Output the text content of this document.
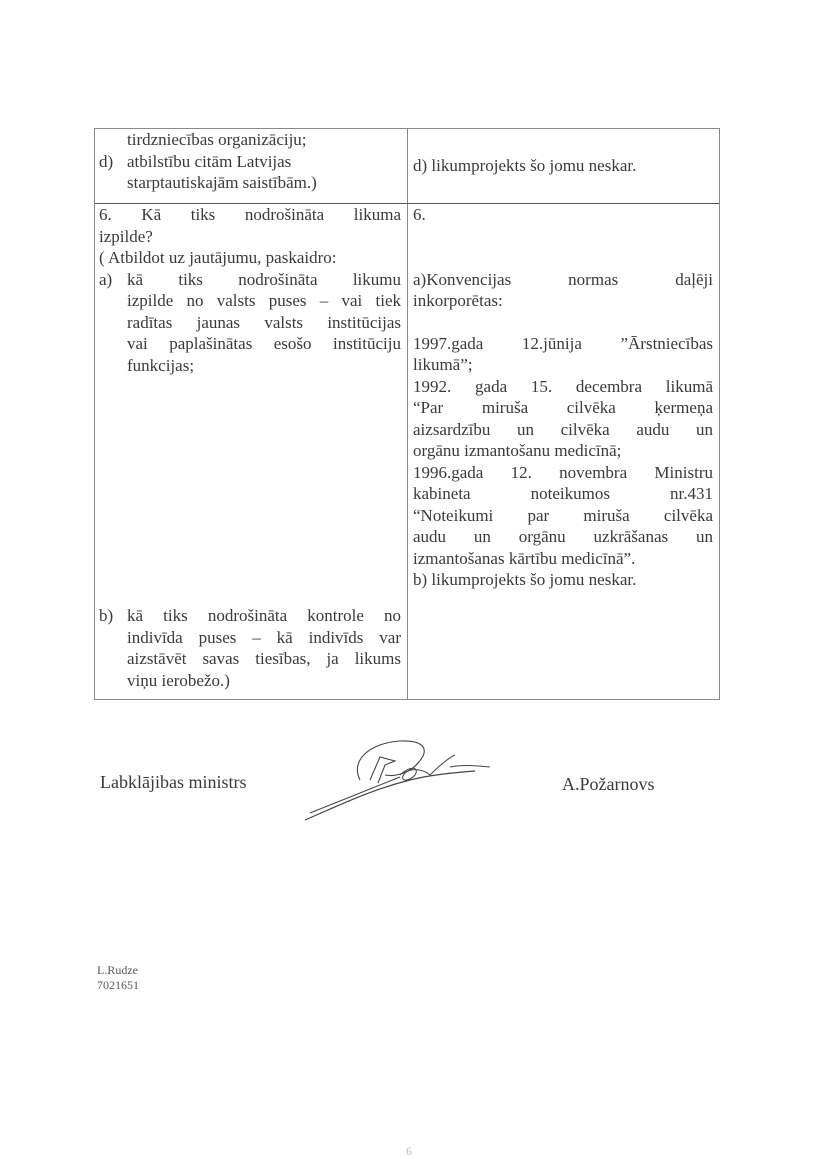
tirdzniecības organizāciju;
d) atbilstību citām Latvijas
starptautiskajām saistībām.)
d) likumprojekts šo jomu neskar.
6. Kā tiks nodrošināta likuma
izpilde?
( Atbildot uz jautājumu, paskaidro:
a) kā tiks nodrošināta likumu
izpilde no valsts puses – vai tiek
radītas jaunas valsts institūcijas
vai paplašinātas esošo institūciju
funkcijas;
b) kā tiks nodrošināta kontrole no
indivīda puses – kā indivīds var
aizstāvēt savas tiesības, ja likums
viņu ierobežo.)
6.
a)Konvencijas normas daļēji
inkorporētas:
1997.gada 12.jūnija ”Ārstniecības
likumā”;
1992. gada 15. decembra likumā
“Par miruša cilvēka ķermeņa
aizsardzību un cilvēka audu un
orgānu izmantošanu medicīnā;
1996.gada 12. novembra Ministru
kabineta noteikumos nr.431
“Noteikumi par miruša cilvēka
audu un orgānu uzkrāšanas un
izmantošanas kārtību medicīnā”.
b) likumprojekts šo jomu neskar.
Labklājibas ministrs	A.Požarnovs
L.Rudze
7021651
6
